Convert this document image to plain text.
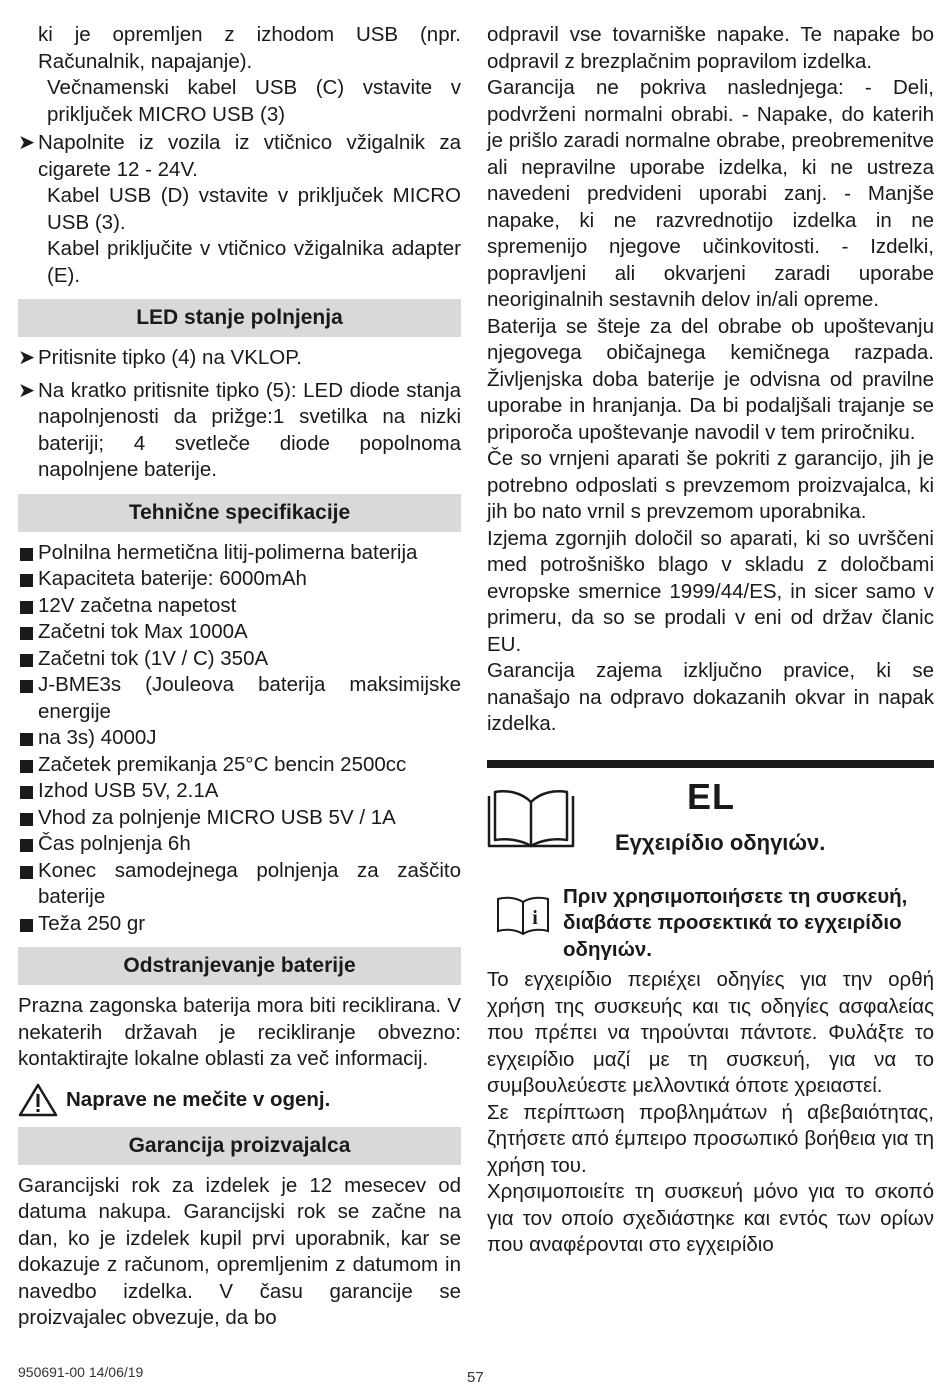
ki je opremljen z izhodom USB (npr. Računalnik, napajanje).

Večnamenski kabel USB (C) vstavite v priključek MICRO USB (3)

➤ Napolnite iz vozila iz vtičnico vžigalnik za cigarete 12 - 24V.

Kabel USB (D) vstavite v priključek MICRO USB (3).

Kabel priključite v vtičnico vžigalnika adapter (E).

LED stanje polnjenja
➤ Pritisnite tipko (4) na VKLOP.
➤ Na kratko pritisnite tipko (5): LED diode stanja napolnjenosti da prižge:1 svetilka na nizki bateriji; 4 svetleče diode popolnoma napolnjene baterije.
Tehnične specifikacije
Polnilna hermetična litij-polimerna baterija
Kapaciteta baterije: 6000mAh
12V začetna napetost
Začetni tok Max 1000A
Začetni tok (1V / C) 350A
J-BME3s (Jouleova baterija maksimijske energije
na 3s) 4000J
Začetek premikanja 25°C bencin 2500cc
Izhod USB 5V, 2.1A
Vhod za polnjenje MICRO USB 5V / 1A
Čas polnjenja 6h
Konec samodejnega polnjenja za zaščito baterije
Teža 250 gr
Odstranjevanje baterije

Prazna zagonska baterija mora biti reciklirana. V nekaterih državah je recikliranje obvezno: kontaktirajte lokalne oblasti za več informacij.

Naprave ne mečite v ogenj.
Garancija proizvajalca

Garancijski rok za izdelek je 12 mesecev od datuma nakupa. Garancijski rok se začne na dan, ko je izdelek kupil prvi uporabnik, kar se dokazuje z računom, opremljenim z datumom in navedbo izdelka. V času garancije se proizvajalec obvezuje, da bo

odpravil vse tovarniške napake. Te napake bo odpravil z brezplačnim popravilom izdelka.

Garancija ne pokriva naslednjega: - Deli, podvrženi normalni obrabi. - Napake, do katerih je prišlo zaradi normalne obrabe, preobremenitve ali nepravilne uporabe izdelka, ki ne ustreza navedeni predvideni uporabi zanj. - Manjše napake, ki ne razvrednotijo izdelka in ne spremenijo njegove učinkovitosti. - Izdelki, popravljeni ali okvarjeni zaradi uporabe neoriginalnih sestavnih delov in/ali opreme.

Baterija se šteje za del obrabe ob upoštevanju njegovega običajnega kemičnega razpada. Življenjska doba baterije je odvisna od pravilne uporabe in hranjanja. Da bi podaljšali trajanje se priporoča upoštevanje navodil v tem priročniku.

Če so vrnjeni aparati še pokriti z garancijo, jih je potrebno odposlati s prevzemom proizvajalca, ki jih bo nato vrnil s prevzemom uporabnika.

Izjema zgornjih določil so aparati, ki so uvrščeni med potrošniško blago v skladu z določbami evropske smernice 1999/44/ES, in sicer samo v primeru, da so se prodali v eni od držav članic EU.

Garancija zajema izključno pravice, ki se nanašajo na odpravo dokazanih okvar in napak izdelka.

EL
Εγχειρίδιο οδηγιών.
i
Πριν χρησιμοποιήσετε τη συσκευή, διαβάστε προσεκτικά το εγχειρίδιο οδηγιών.

Το εγχειρίδιο περιέχει οδηγίες για την ορθή χρήση της συσκευής και τις οδηγίες ασφαλείας που πρέπει να τηρούνται πάντοτε. Φυλάξτε το εγχειρίδιο μαζί με τη συσκευή, για να το συμβουλεύεστε μελλοντικά όποτε χρειαστεί.

Σε περίπτωση προβλημάτων ή αβεβαιότητας, ζητήσετε από έμπειρο προσωπικό βοήθεια για τη χρήση του.

Χρησιμοποιείτε τη συσκευή μόνο για το σκοπό για τον οποίο σχεδιάστηκε και εντός των ορίων που αναφέρονται στο εγχειρίδιο

950691-00 14/06/19	57
